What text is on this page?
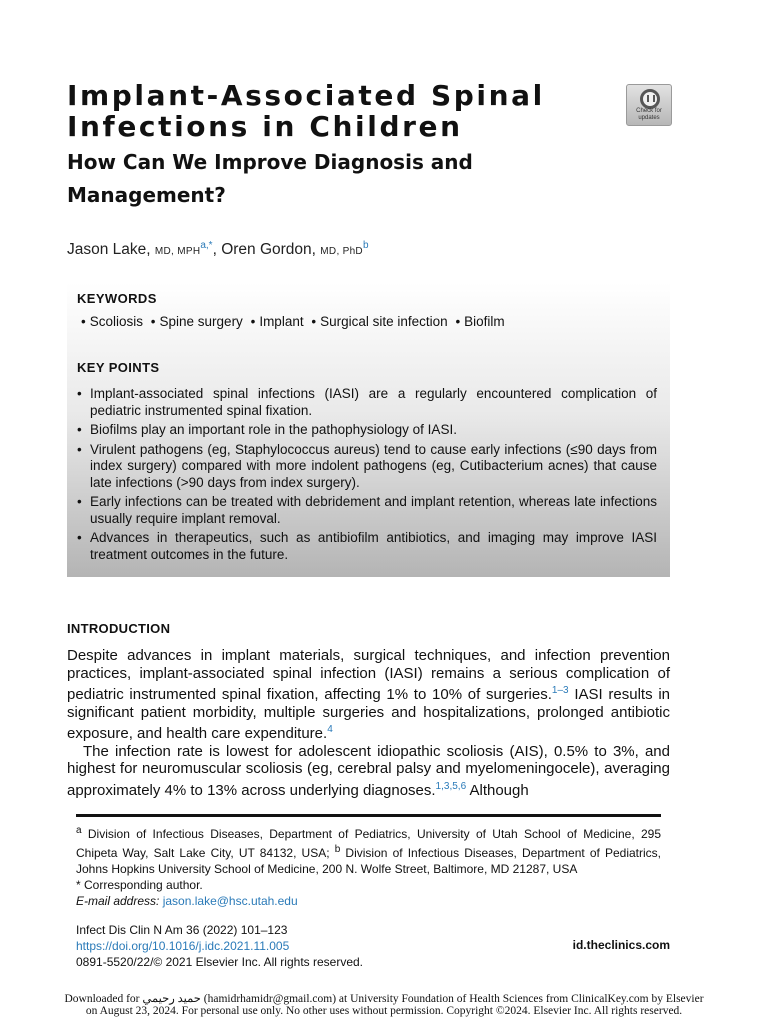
Implant-Associated Spinal Infections in Children
How Can We Improve Diagnosis and Management?
Check for updates
Jason Lake, MD, $MPH^{a,*}$, Oren Gordon, MD, PhD$^b$
KEYWORDS
• Scoliosis • Spine surgery • Implant • Surgical site infection • Biofilm
KEY POINTS
• Implant-associated spinal infections (IASI) are a regularly encountered complication of pediatric instrumented spinal fixation.
• Biofilms play an important role in the pathophysiology of IASI.
• Virulent pathogens (eg, Staphylococcus aureus) tend to cause early infections (≤90 days from index surgery) compared with more indolent pathogens (eg, Cutibacterium acnes) that cause late infections (>90 days from index surgery).
• Early infections can be treated with debridement and implant retention, whereas late infections usually require implant removal.
• Advances in therapeutics, such as antibiofilm antibiotics, and imaging may improve IASI treatment outcomes in the future.
INTRODUCTION

Despite advances in implant materials, surgical techniques, and infection prevention practices, implant-associated spinal infection (IASI) remains a serious complication of pediatric instrumented spinal fixation, affecting 1% to 10% of surgeries.$^{1-3}$ IASI results in significant patient morbidity, multiple surgeries and hospitalizations, prolonged antibiotic exposure, and health care expenditure.$^4$

The infection rate is lowest for adolescent idiopathic scoliosis (AIS), 0.5% to 3%, and highest for neuromuscular scoliosis (eg, cerebral palsy and myelomeningocele), averaging approximately 4% to 13% across underlying diagnoses.$^{1,3,5,6}$ Although

$^a$ Division of Infectious Diseases, Department of Pediatrics, University of Utah School of Medicine, 295 Chipeta Way, Salt Lake City, UT 84132, USA; $^b$ Division of Infectious Diseases, Department of Pediatrics, Johns Hopkins University School of Medicine, 200 N. Wolfe Street, Baltimore, MD 21287, USA

* Corresponding author.

E-mail address: jason.lake@hsc.utah.edu

Infect Dis Clin N Am 36 (2022) 101–123
https://doi.org/10.1016/j.idc.2021.11.005
0891-5520/22/© 2021 Elsevier Inc. All rights reserved.
id.theclinics.com
Downloaded for حميد رحيمي (hamidrhamidr@gmail.com) at University Foundation of Health Sciences from ClinicalKey.com by Elsevier
on August 23, 2024. For personal use only. No other uses without permission. Copyright ©2024. Elsevier Inc. All rights reserved.
